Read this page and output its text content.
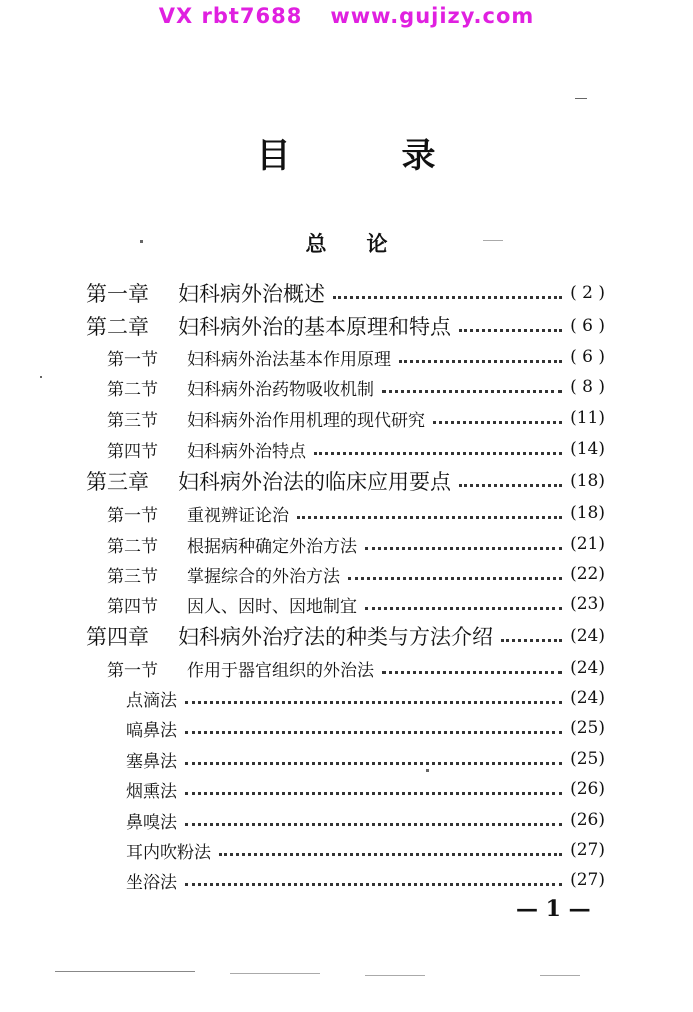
VX rbt7688 www.gujizy.com
目	录
总 论
第一章 妇科病外治概述	( 2 )
第二章 妇科病外治的基本原理和特点	( 6 )
第一节 妇科病外治法基本作用原理	( 6 )
第二节 妇科病外治药物吸收机制	( 8 )
第三节 妇科病外治作用机理的现代研究	(11)
第四节 妇科病外治特点	(14)
第三章 妇科病外治法的临床应用要点	(18)
第一节 重视辨证论治	(18)
第二节 根据病种确定外治方法	(21)
第三节 掌握综合的外治方法	(22)
第四节 因人、因时、因地制宜	(23)
第四章 妇科病外治疗法的种类与方法介绍	(24)
第一节 作用于器官组织的外治法	(24)
点滴法	(24)
嗃鼻法	(25)
塞鼻法	(25)
烟熏法	(26)
鼻嗅法	(26)
耳内吹粉法	(27)
坐浴法	(27)
— 1 —
